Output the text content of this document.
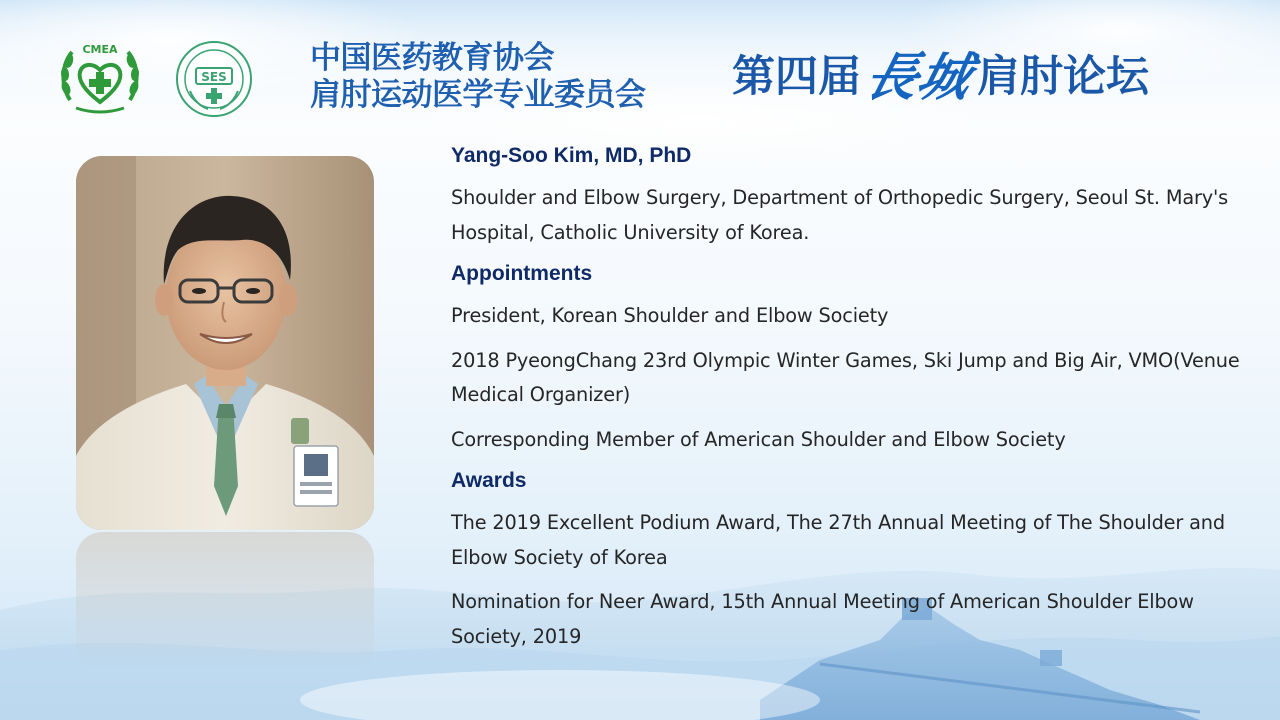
CMEA
SES
中国医药教育协会
肩肘运动医学专业委员会 第四届長城肩肘论坛

Yang-Soo Kim, MD, PhD

Shoulder and Elbow Surgery, Department of Orthopedic Surgery, Seoul St. Mary's Hospital, Catholic University of Korea.

Appointments

President, Korean Shoulder and Elbow Society

2018 PyeongChang 23rd Olympic Winter Games, Ski Jump and Big Air, VMO(Venue Medical Organizer)

Corresponding Member of American Shoulder and Elbow Society

Awards

The 2019 Excellent Podium Award, The 27th Annual Meeting of The Shoulder and Elbow Society of Korea

Nomination for Neer Award, 15th Annual Meeting of American Shoulder Elbow Society, 2019
